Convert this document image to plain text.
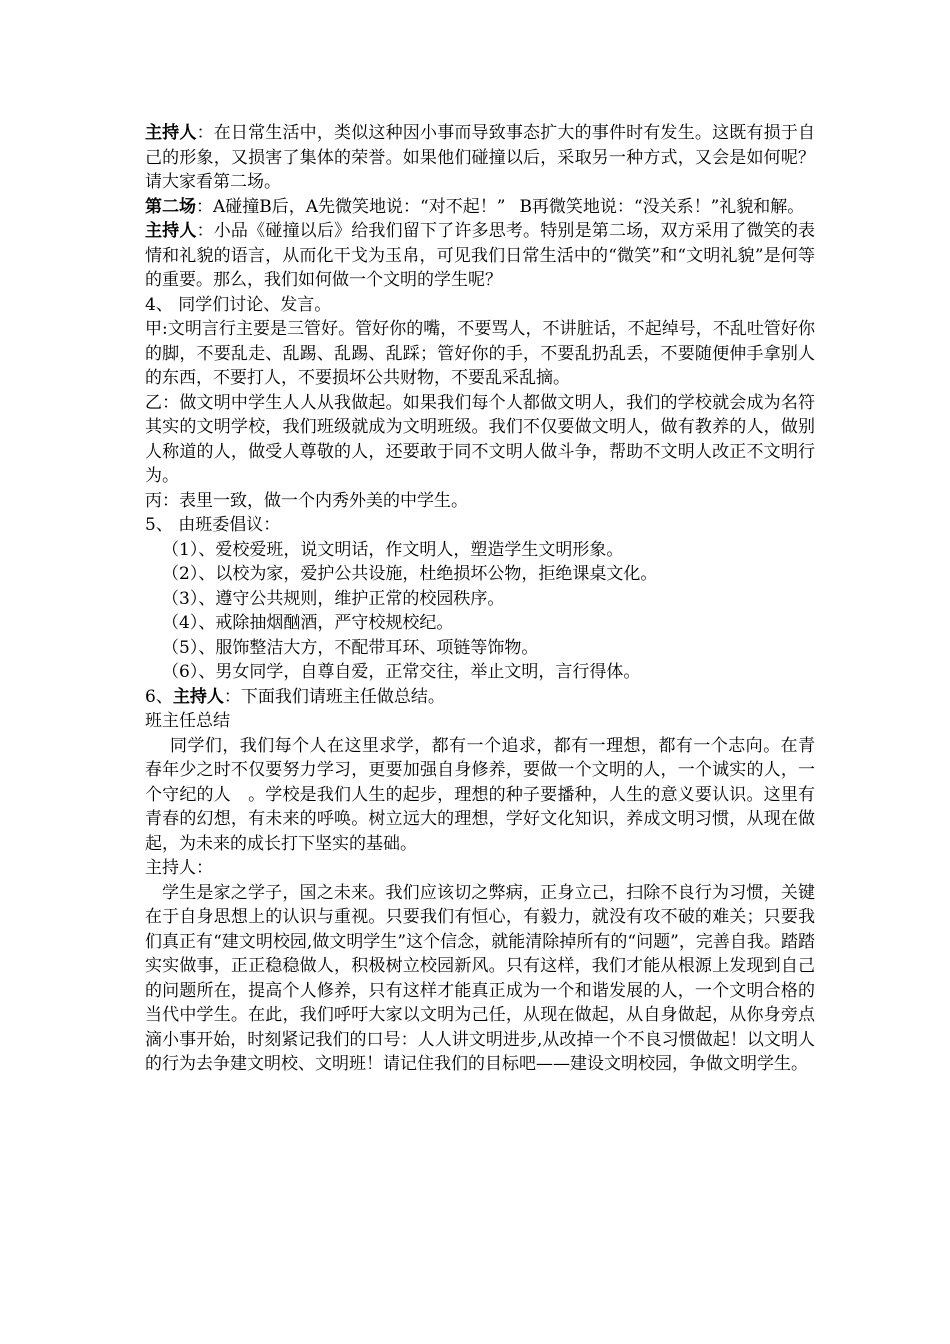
主持人：在日常生活中，类似这种因小事而导致事态扩大的事件时有发生。这既有损于自己的形象，又损害了集体的荣誉。如果他们碰撞以后，采取另一种方式，又会是如何呢？请大家看第二场。

第二场：A碰撞B后，A先微笑地说：“对不起！” B再微笑地说：“没关系！”礼貌和解。

主持人：小品《碰撞以后》给我们留下了许多思考。特别是第二场，双方采用了微笑的表情和礼貌的语言，从而化干戈为玉帛，可见我们日常生活中的“微笑”和“文明礼貌”是何等的重要。那么，我们如何做一个文明的学生呢？

4、 同学们讨论、发言。

甲:文明言行主要是三管好。管好你的嘴，不要骂人，不讲脏话，不起绰号，不乱吐管好你的脚，不要乱走、乱踢、乱踢、乱踩；管好你的手，不要乱扔乱丢，不要随便伸手拿别人的东西，不要打人，不要损坏公共财物，不要乱采乱摘。

乙：做文明中学生人人从我做起。如果我们每个人都做文明人，我们的学校就会成为名符其实的文明学校，我们班级就成为文明班级。我们不仅要做文明人，做有教养的人，做别人称道的人，做受人尊敬的人，还要敢于同不文明人做斗争，帮助不文明人改正不文明行为。

丙：表里一致，做一个内秀外美的中学生。

5、 由班委倡议：

（1）、爱校爱班，说文明话，作文明人，塑造学生文明形象。

（2）、以校为家，爱护公共设施，杜绝损坏公物，拒绝课桌文化。

（3）、遵守公共规则，维护正常的校园秩序。

（4）、戒除抽烟酗酒，严守校规校纪。

（5）、服饰整洁大方，不配带耳环、项链等饰物。

（6）、男女同学，自尊自爱，正常交往，举止文明，言行得体。

6、主持人：下面我们请班主任做总结。

班主任总结

同学们，我们每个人在这里求学，都有一个追求，都有一理想，都有一个志向。在青春年少之时不仅要努力学习，更要加强自身修养，要做一个文明的人，一个诚实的人，一个守纪的人　。学校是我们人生的起步，理想的种子要播种，人生的意义要认识。这里有青春的幻想，有未来的呼唤。树立远大的理想，学好文化知识，养成文明习惯，从现在做起，为未来的成长打下坚实的基础。

主持人：

学生是家之学子，国之未来。我们应该切之弊病，正身立己，扫除不良行为习惯，关键在于自身思想上的认识与重视。只要我们有恒心，有毅力，就没有攻不破的难关；只要我们真正有“建文明校园,做文明学生”这个信念，就能清除掉所有的“问题”，完善自我。踏踏实实做事，正正稳稳做人，积极树立校园新风。只有这样，我们才能从根源上发现到自己的问题所在，提高个人修养，只有这样才能真正成为一个和谐发展的人，一个文明合格的当代中学生。在此，我们呼吁大家以文明为己任，从现在做起，从自身做起，从你身旁点滴小事开始，时刻紧记我们的口号：人人讲文明进步,从改掉一个不良习惯做起！以文明人的行为去争建文明校、文明班！请记住我们的目标吧——建设文明校园，争做文明学生。
